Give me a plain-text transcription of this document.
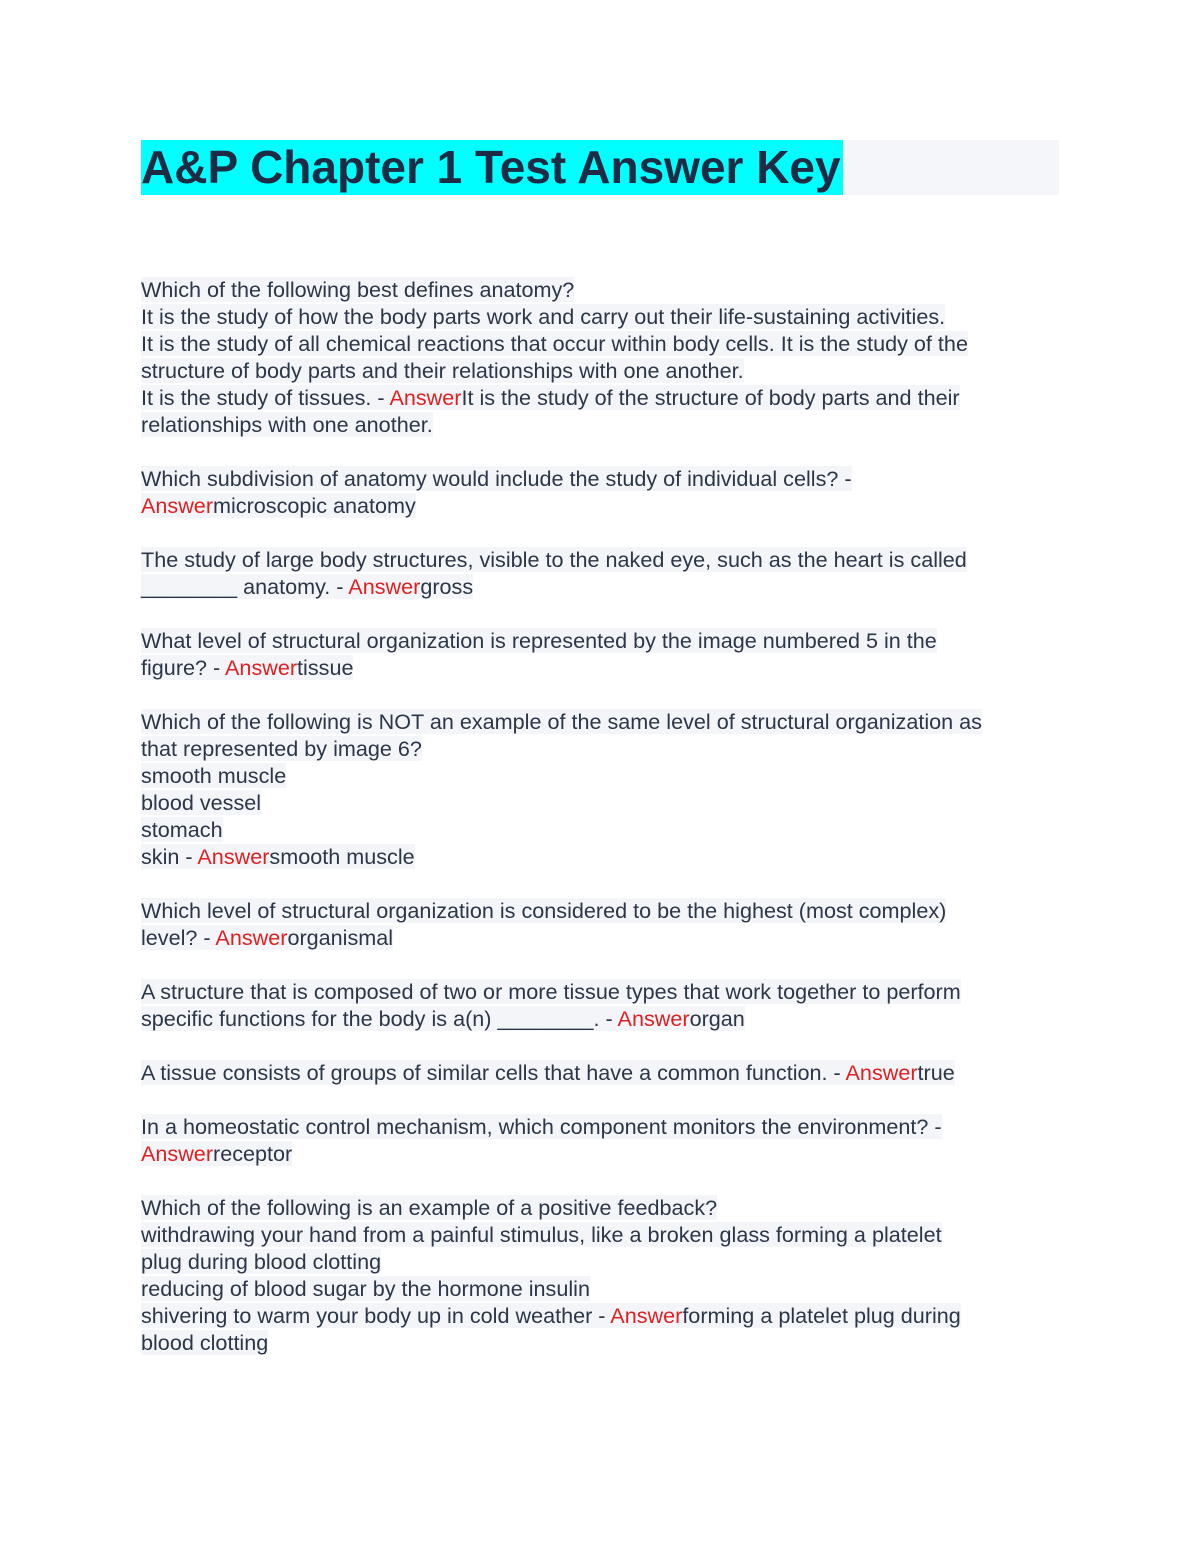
A&P Chapter 1 Test Answer Key
Which of the following best defines anatomy?
It is the study of how the body parts work and carry out their life-sustaining activities.
It is the study of all chemical reactions that occur within body cells. It is the study of the
structure of body parts and their relationships with one another.
It is the study of tissues. - AnswerIt is the study of the structure of body parts and their
relationships with one another.
Which subdivision of anatomy would include the study of individual cells? -
Answermicroscopic anatomy
The study of large body structures, visible to the naked eye, such as the heart is called
________ anatomy. - Answergross
What level of structural organization is represented by the image numbered 5 in the
figure? - Answertissue
Which of the following is NOT an example of the same level of structural organization as
that represented by image 6?
smooth muscle
blood vessel
stomach
skin - Answersmooth muscle
Which level of structural organization is considered to be the highest (most complex)
level? - Answerorganismal
A structure that is composed of two or more tissue types that work together to perform
specific functions for the body is a(n) ________. - Answerorgan
A tissue consists of groups of similar cells that have a common function. - Answertrue
In a homeostatic control mechanism, which component monitors the environment? -
Answerreceptor
Which of the following is an example of a positive feedback?
withdrawing your hand from a painful stimulus, like a broken glass forming a platelet
plug during blood clotting
reducing of blood sugar by the hormone insulin
shivering to warm your body up in cold weather - Answerforming a platelet plug during
blood clotting
